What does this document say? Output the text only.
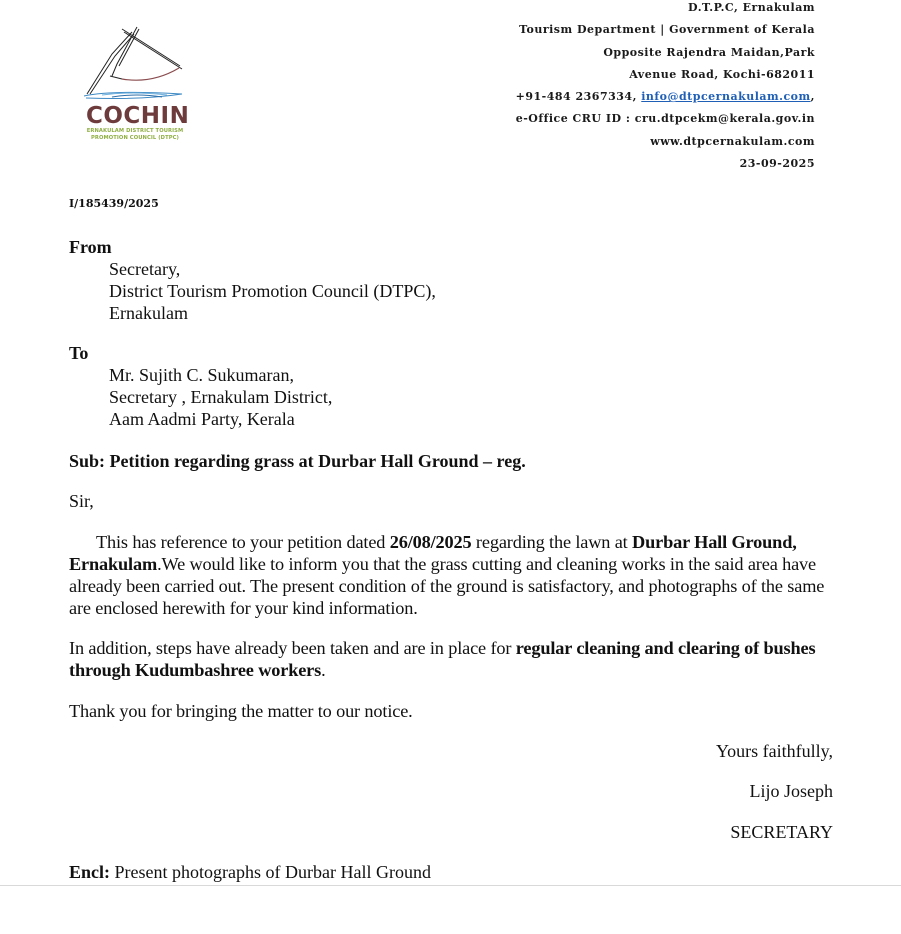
COCHIN
ERNAKULAM DISTRICT TOURISM
PROMOTION COUNCIL (DTPC)
D.T.P.C, Ernakulam
Tourism Department | Government of Kerala
Opposite Rajendra Maidan,Park
Avenue Road, Kochi-682011
+91-484 2367334, info@dtpcernakulam.com,
e-Office CRU ID : cru.dtpcekm@kerala.gov.in
www.dtpcernakulam.com
23-09-2025
I/185439/2025
From
Secretary,
District Tourism Promotion Council (DTPC),
Ernakulam
To
Mr. Sujith C. Sukumaran,
Secretary , Ernakulam District,
Aam Aadmi Party, Kerala
Sub: Petition regarding grass at Durbar Hall Ground – reg.
Sir,
This has reference to your petition dated 26/08/2025 regarding the lawn at Durbar Hall Ground, Ernakulam.We would like to inform you that the grass cutting and cleaning works in the said area have already been carried out. The present condition of the ground is satisfactory, and photographs of the same are enclosed herewith for your kind information.
In addition, steps have already been taken and are in place for regular cleaning and clearing of bushes through Kudumbashree workers.
Thank you for bringing the matter to our notice.
Yours faithfully,
Lijo Joseph
SECRETARY
Encl: Present photographs of Durbar Hall Ground
